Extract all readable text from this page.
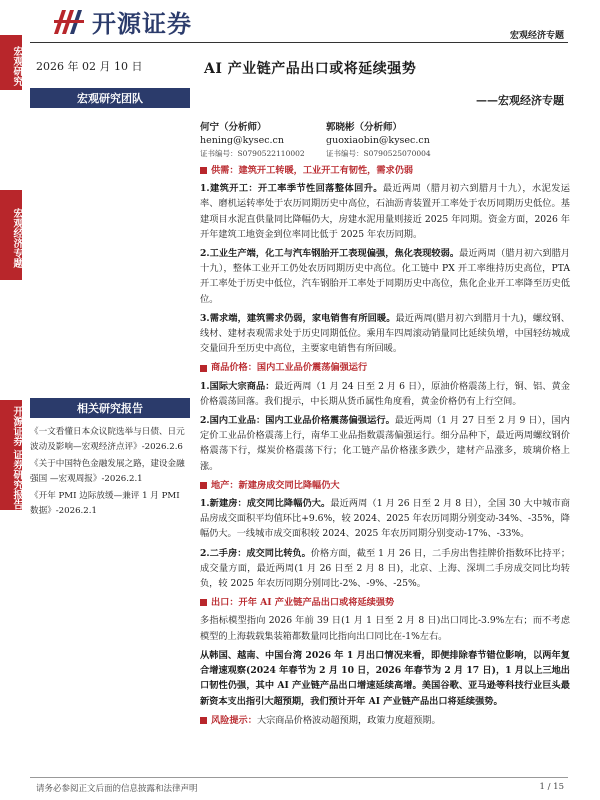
宏观研究
宏观经济专题
开源证券 证券研究报告
开源证券	宏观经济专题
2026 年 02 月 10 日
宏观研究团队
相关研究报告
《一文看懂日本众议院选举与日债、日元波动及影响—宏观经济点评》-2026.2.6
《关于中国特色金融发展之路，建设金融强国 —宏观周报》-2026.2.1
《开年 PMI 边际放缓—兼评 1 月 PMI 数据》-2026.2.1
AI 产业链产品出口或将延续强势
——宏观经济专题
何宁（分析师）
hening@kysec.cn
证书编号：S0790522110002
郭晓彬（分析师）
guoxiaobin@kysec.cn
证书编号：S0790525070004
供需：建筑开工转暖，工业开工有韧性，需求仍弱

1.建筑开工：开工率季节性回落整体回升。最近两周（腊月初六到腊月十九），水泥发运率、磨机运转率处于农历同期历史中高位，石油沥青装置开工率处于农历同期历史低位。基建项目水泥直供量同比降幅仍大，房建水泥用量则接近 2025 年同期。资金方面，2026 年开年建筑工地资金到位率同比低于 2025 年农历同期。

2.工业生产端，化工与汽车钢胎开工表现偏强，焦化表现较弱。最近两周（腊月初六到腊月十九），整体工业开工仍处农历同期历史中高位。化工链中 PX 开工率维持历史高位，PTA 开工率处于历史中低位，汽车钢胎开工率处于同期历史中高位，焦化企业开工率降至历史低位。

3.需求端，建筑需求仍弱，家电销售有所回暖。最近两周(腊月初六到腊月十九)，螺纹钢、线材、建材表观需求处于历史同期低位。乘用车四周滚动销量同比延续负增，中国轻纺城成交量回升至历史中高位，主要家电销售有所回暖。

商品价格：国内工业品价震荡偏强运行

1.国际大宗商品：最近两周（1 月 24 日至 2 月 6 日），原油价格震荡上行，铜、铝、黄金价格震荡回落。我们提示，中长期从货币属性角度看，黄金价格仍有上行空间。

2.国内工业品：国内工业品价格震荡偏强运行。最近两周（1 月 27 日至 2 月 9 日），国内定价工业品价格震荡上行，南华工业品指数震荡偏强运行。细分品种下，最近两周螺纹钢价格震荡下行，煤炭价格震荡下行；化工链产品价格涨多跌少，建材产品涨多，玻璃价格上涨。

地产：新建房成交同比降幅仍大

1.新建房：成交同比降幅仍大。最近两周（1 月 26 日至 2 月 8 日），全国 30 大中城市商品房成交面积平均值环比+9.6%，较 2024、2025 年农历同期分别变动-34%、-35%，降幅仍大。一线城市成交面积较 2024、2025 年农历同期分别变动-17%、-33%。

2.二手房：成交同比转负。价格方面，截至 1 月 26 日，二手房出售挂牌价指数环比持平；成交量方面，最近两周(1 月 26 日至 2 月 8 日)，北京、上海、深圳二手房成交同比均转负，较 2025 年农历同期分别同比-2%、-9%、-25%。

出口：开年 AI 产业链产品出口或将延续强势

多指标模型指向 2026 年前 39 日(1 月 1 日至 2 月 8 日)出口同比-3.9%左右；而不考虑模型的上海载载集装箱都数量同比指向出口同比在-1%左右。

从韩国、越南、中国台湾 2026 年 1 月出口情况来看，即便排除春节错位影响，以两年复合增速观察(2024 年春节为 2 月 10 日，2026 年春节为 2 月 17 日)，1 月以上三地出口韧性仍强，其中 AI 产业链产品出口增速延续高增。美国谷歌、亚马逊等科技行业巨头最新资本支出指引大超预期，我们预计开年 AI 产业链产品出口将延续强势。

风险提示： 大宗商品价格波动超预期，政策力度超预期。
请务必参阅正文后面的信息披露和法律声明	1 / 15
